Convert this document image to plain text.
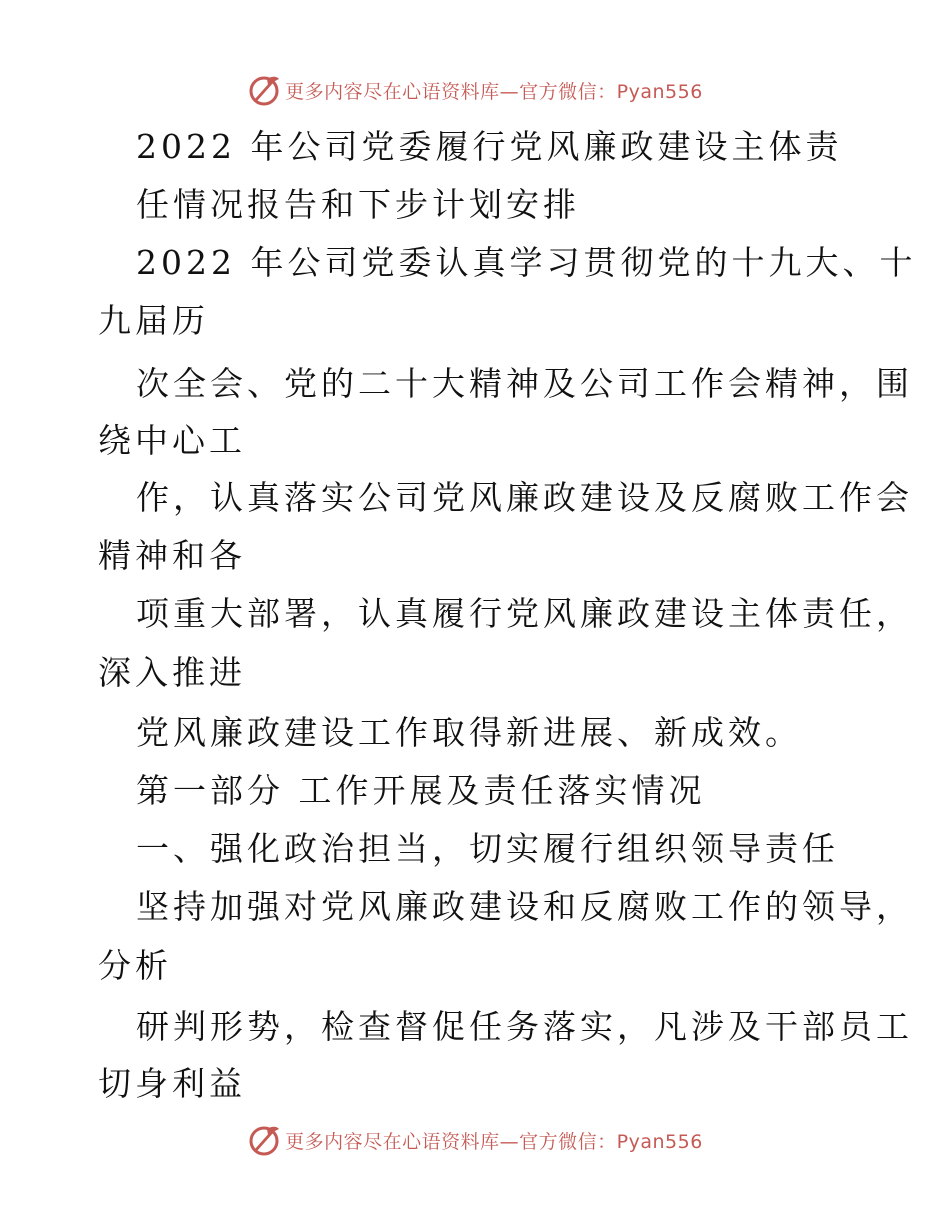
更多内容尽在心语资料库—官方微信：Pyan556
2022 年公司党委履行党风廉政建设主体责
任情况报告和下步计划安排
2022 年公司党委认真学习贯彻党的十九大、十
九届历
次全会、党的二十大精神及公司工作会精神，围
绕中心工
作，认真落实公司党风廉政建设及反腐败工作会
精神和各
项重大部署，认真履行党风廉政建设主体责任，
深入推进
党风廉政建设工作取得新进展、新成效。
第一部分 工作开展及责任落实情况
一、强化政治担当，切实履行组织领导责任
坚持加强对党风廉政建设和反腐败工作的领导，
分析
研判形势，检查督促任务落实，凡涉及干部员工
切身利益
更多内容尽在心语资料库—官方微信：Pyan556
